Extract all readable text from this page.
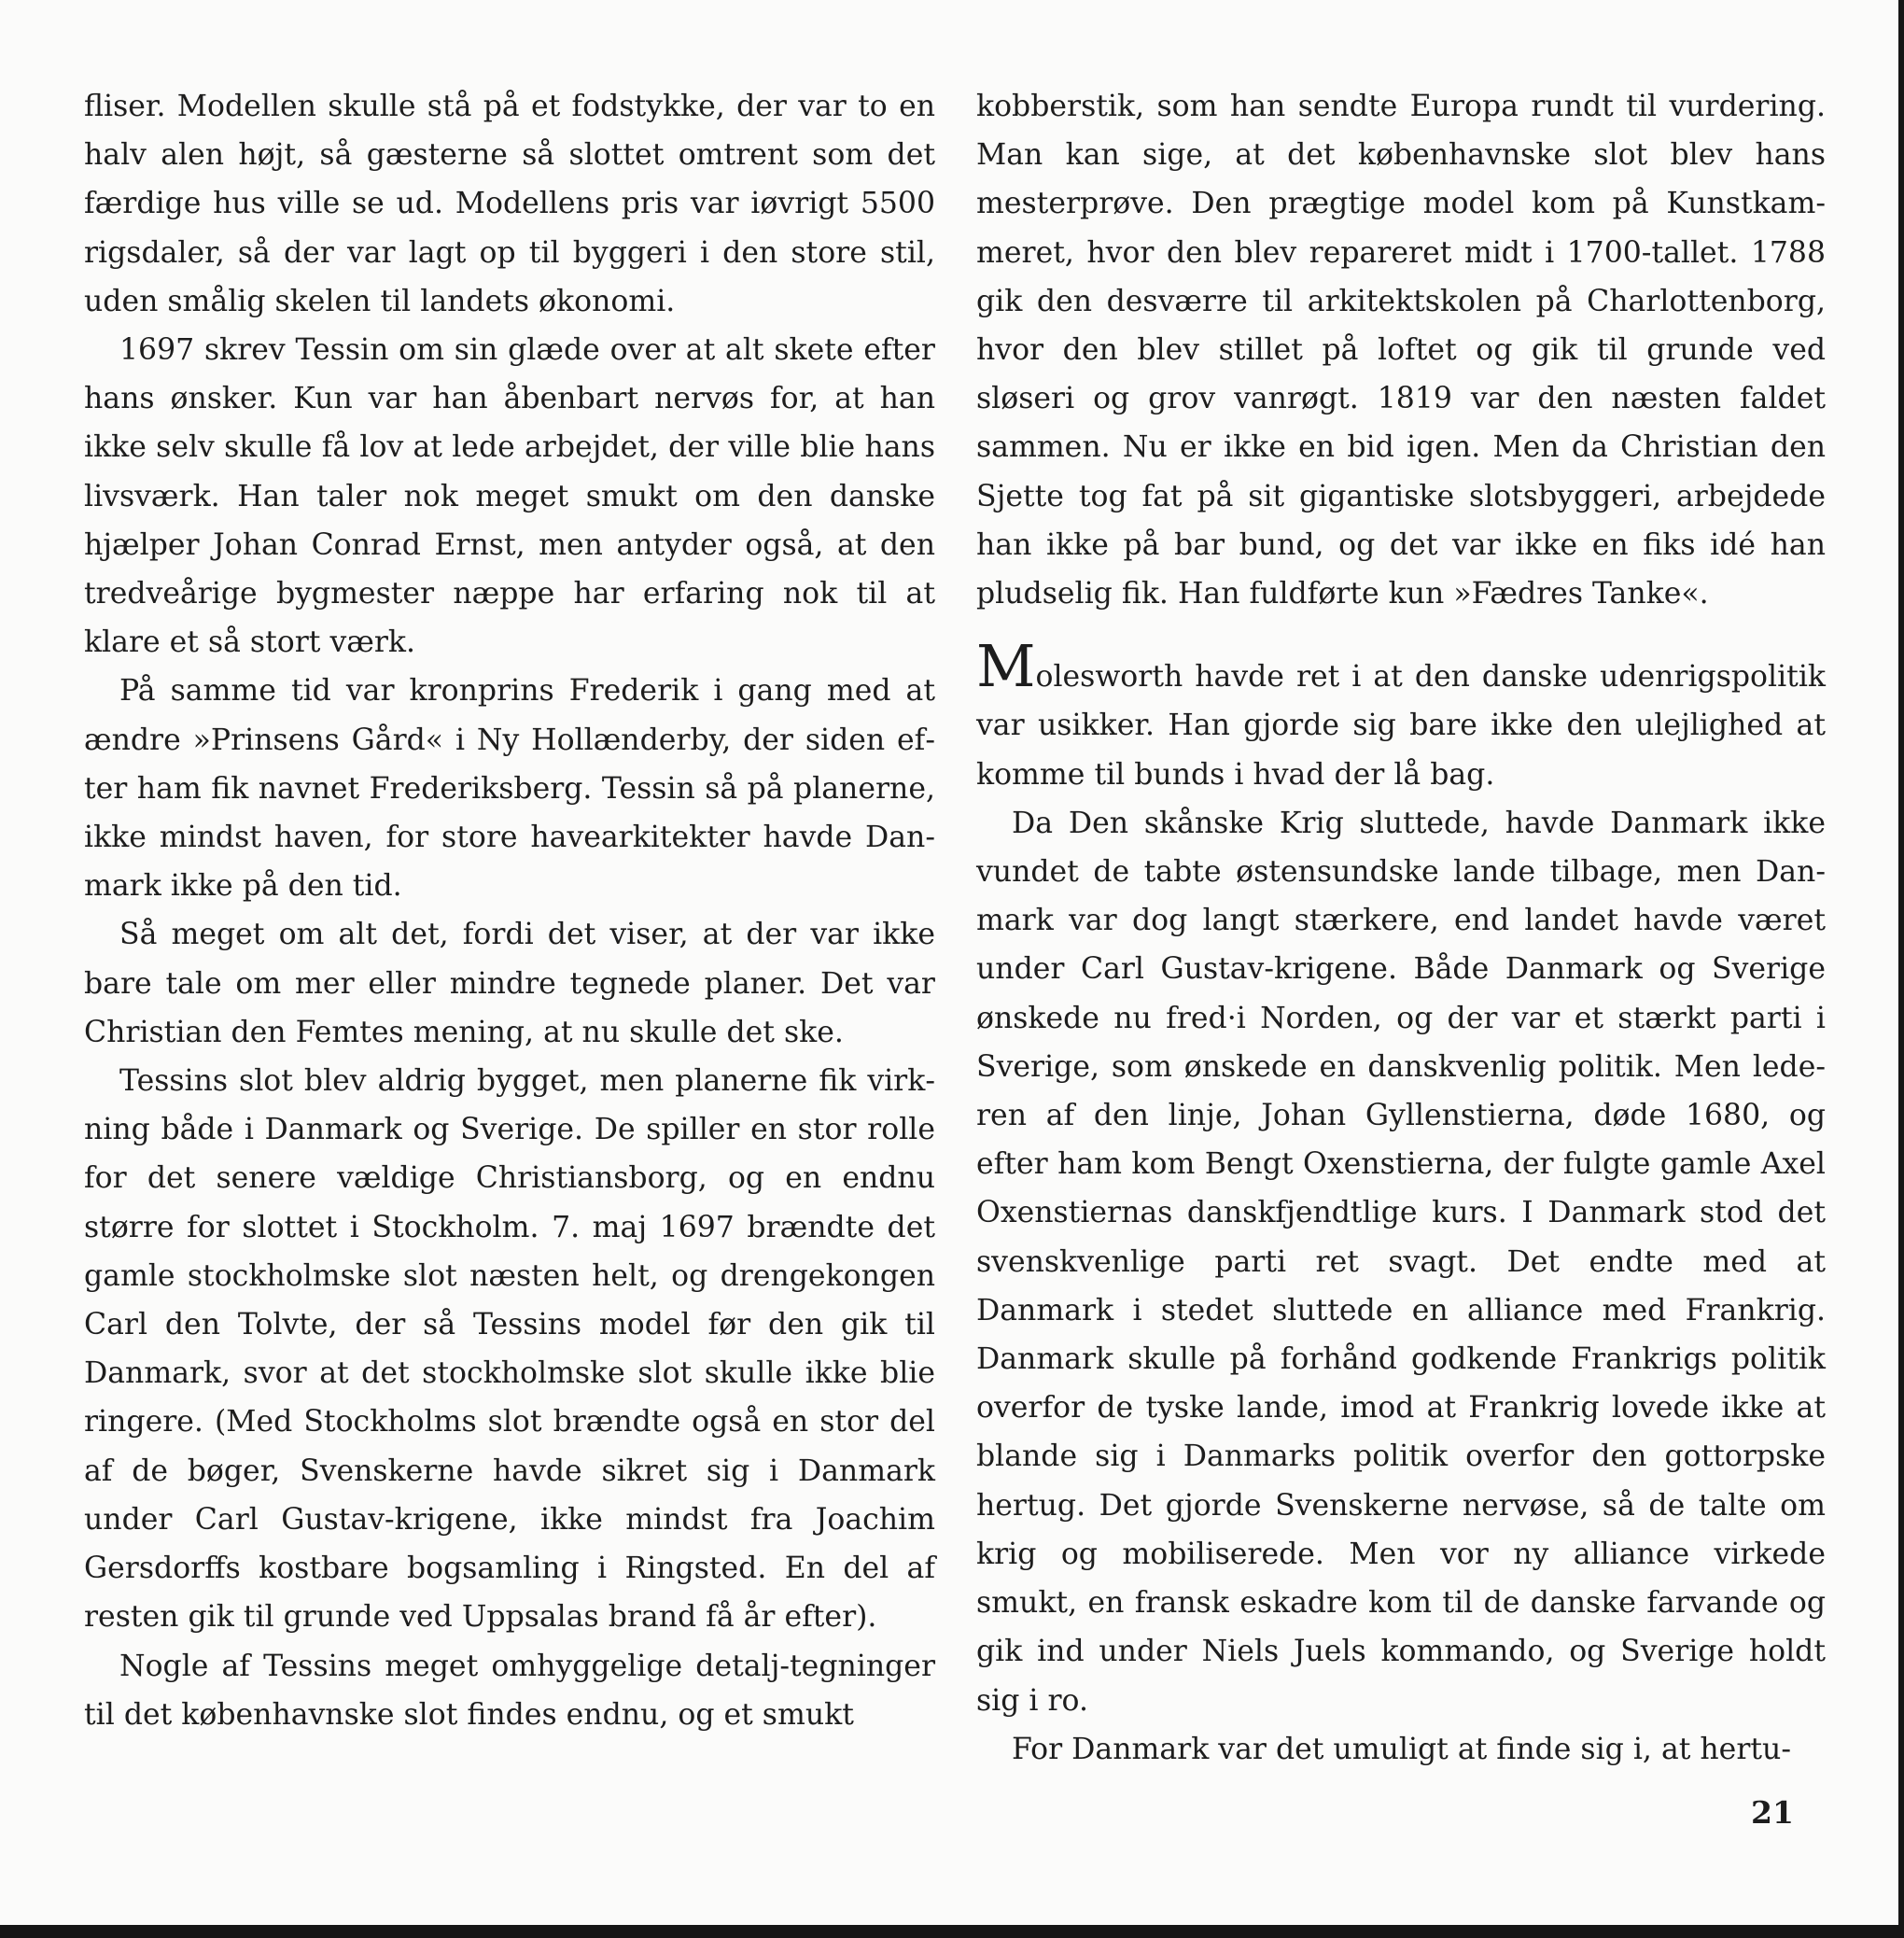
fliser. Modellen skulle stå på et fodstykke, der var to en halv alen højt, så gæsterne så slottet omtrent som det færdige hus ville se ud. Modellens pris var iøvrigt 5500 rigsdaler, så der var lagt op til byggeri i den store stil, uden smålig skelen til landets økonomi.

1697 skrev Tessin om sin glæde over at alt skete efter hans ønsker. Kun var han åbenbart nervøs for, at han ikke selv skulle få lov at lede arbejdet, der ville blie hans livsværk. Han taler nok meget smukt om den danske hjælper Johan Conrad Ernst, men antyder også, at den tredveårige bygmester næppe har erfaring nok til at klare et så stort værk.

På samme tid var kronprins Frederik i gang med at ændre »Prinsens Gård« i Ny Hollænderby, der siden efter ham fik navnet Frederiksberg. Tessin så på planerne, ikke mindst haven, for store havearkitekter havde Danmark ikke på den tid.

Så meget om alt det, fordi det viser, at der var ikke bare tale om mer eller mindre tegnede planer. Det var Christian den Femtes mening, at nu skulle det ske.

Tessins slot blev aldrig bygget, men planerne fik virkning både i Danmark og Sverige. De spiller en stor rolle for det senere vældige Christiansborg, og en endnu større for slottet i Stockholm. 7. maj 1697 brændte det gamle stockholmske slot næsten helt, og drengekongen Carl den Tolvte, der så Tessins model før den gik til Danmark, svor at det stockholmske slot skulle ikke blie ringere. (Med Stockholms slot brændte også en stor del af de bøger, Svenskerne havde sikret sig i Danmark under Carl Gustav-krigene, ikke mindst fra Joachim Gersdorffs kostbare bogsamling i Ringsted. En del af resten gik til grunde ved Uppsalas brand få år efter).

Nogle af Tessins meget omhyggelige detalj-tegninger til det københavnske slot findes endnu, og et smukt

kobberstik, som han sendte Europa rundt til vurdering. Man kan sige, at det københavnske slot blev hans mesterprøve. Den prægtige model kom på Kunstkammeret, hvor den blev repareret midt i 1700-tallet. 1788 gik den desværre til arkitektskolen på Charlottenborg, hvor den blev stillet på loftet og gik til grunde ved sløseri og grov vanrøgt. 1819 var den næsten faldet sammen. Nu er ikke en bid igen. Men da Christian den Sjette tog fat på sit gigantiske slotsbyggeri, arbejdede han ikke på bar bund, og det var ikke en fiks idé han pludselig fik. Han fuldførte kun »Fædres Tanke«.

Molesworth havde ret i at den danske udenrigspolitik var usikker. Han gjorde sig bare ikke den ulejlighed at komme til bunds i hvad der lå bag.

Da Den skånske Krig sluttede, havde Danmark ikke vundet de tabte østensundske lande tilbage, men Danmark var dog langt stærkere, end landet havde været under Carl Gustav-krigene. Både Danmark og Sverige ønskede nu fred·i Norden, og der var et stærkt parti i Sverige, som ønskede en danskvenlig politik. Men lederen af den linje, Johan Gyllenstierna, døde 1680, og efter ham kom Bengt Oxenstierna, der fulgte gamle Axel Oxenstiernas danskfjendtlige kurs. I Danmark stod det svenskvenlige parti ret svagt. Det endte med at Danmark i stedet sluttede en alliance med Frankrig. Danmark skulle på forhånd godkende Frankrigs politik overfor de tyske lande, imod at Frankrig lovede ikke at blande sig i Danmarks politik overfor den gottorpske hertug. Det gjorde Svenskerne nervøse, så de talte om krig og mobiliserede. Men vor ny alliance virkede smukt, en fransk eskadre kom til de danske farvande og gik ind under Niels Juels kommando, og Sverige holdt sig i ro.

For Danmark var det umuligt at finde sig i, at hertu-

21
